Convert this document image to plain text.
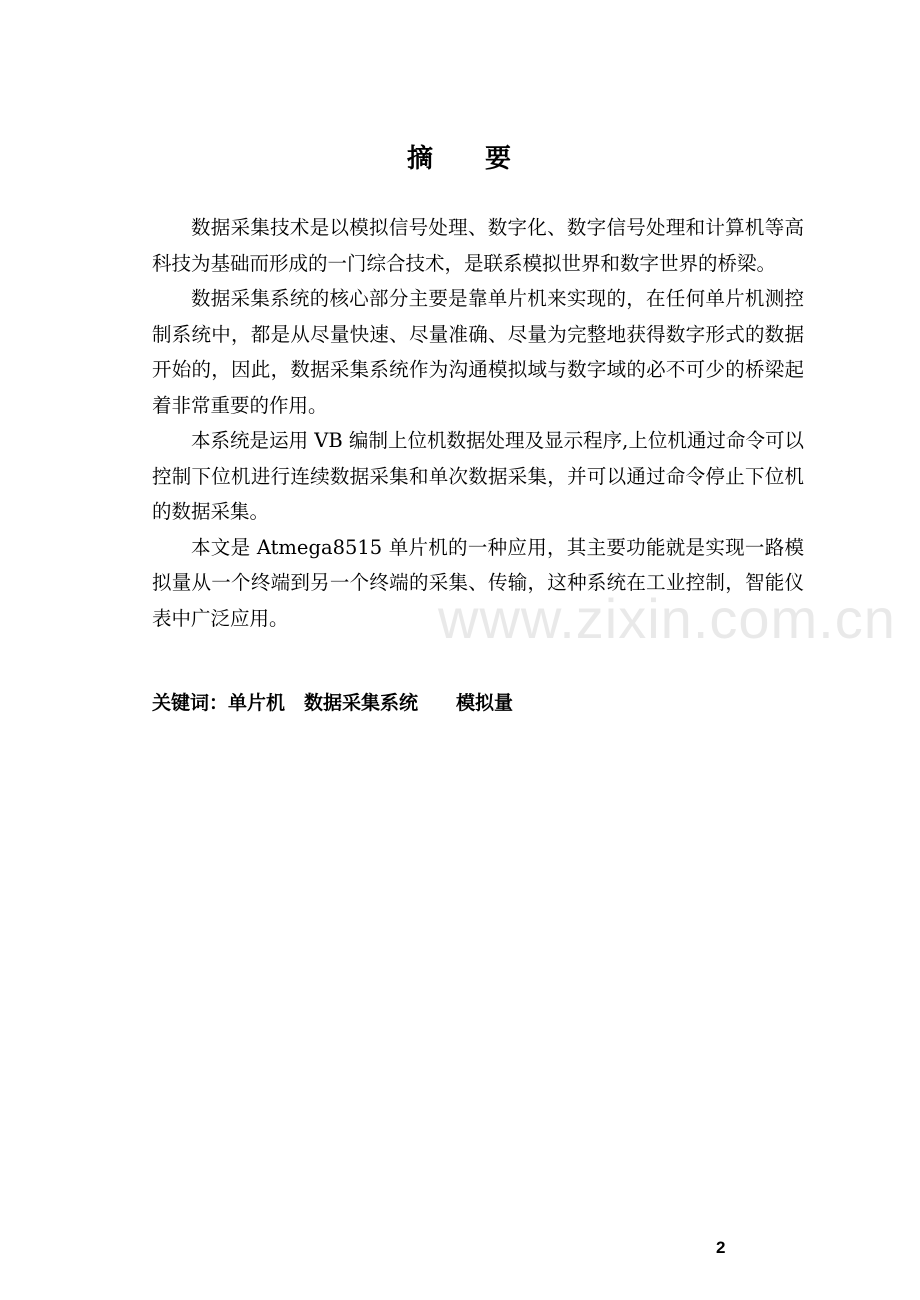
摘 要

数据采集技术是以模拟信号处理、数字化、数字信号处理和计算机等高科技为基础而形成的一门综合技术，是联系模拟世界和数字世界的桥梁。

数据采集系统的核心部分主要是靠单片机来实现的，在任何单片机测控制系统中，都是从尽量快速、尽量准确、尽量为完整地获得数字形式的数据开始的，因此，数据采集系统作为沟通模拟域与数字域的必不可少的桥梁起着非常重要的作用。

本系统是运用 VB 编制上位机数据处理及显示程序,上位机通过命令可以控制下位机进行连续数据采集和单次数据采集，并可以通过命令停止下位机的数据采集。

本文是 Atmega8515 单片机的一种应用，其主要功能就是实现一路模拟量从一个终端到另一个终端的采集、传输，这种系统在工业控制，智能仪表中广泛应用。	www.zixin.com.cn
关键词：单片机　数据采集系统　　模拟量
2
